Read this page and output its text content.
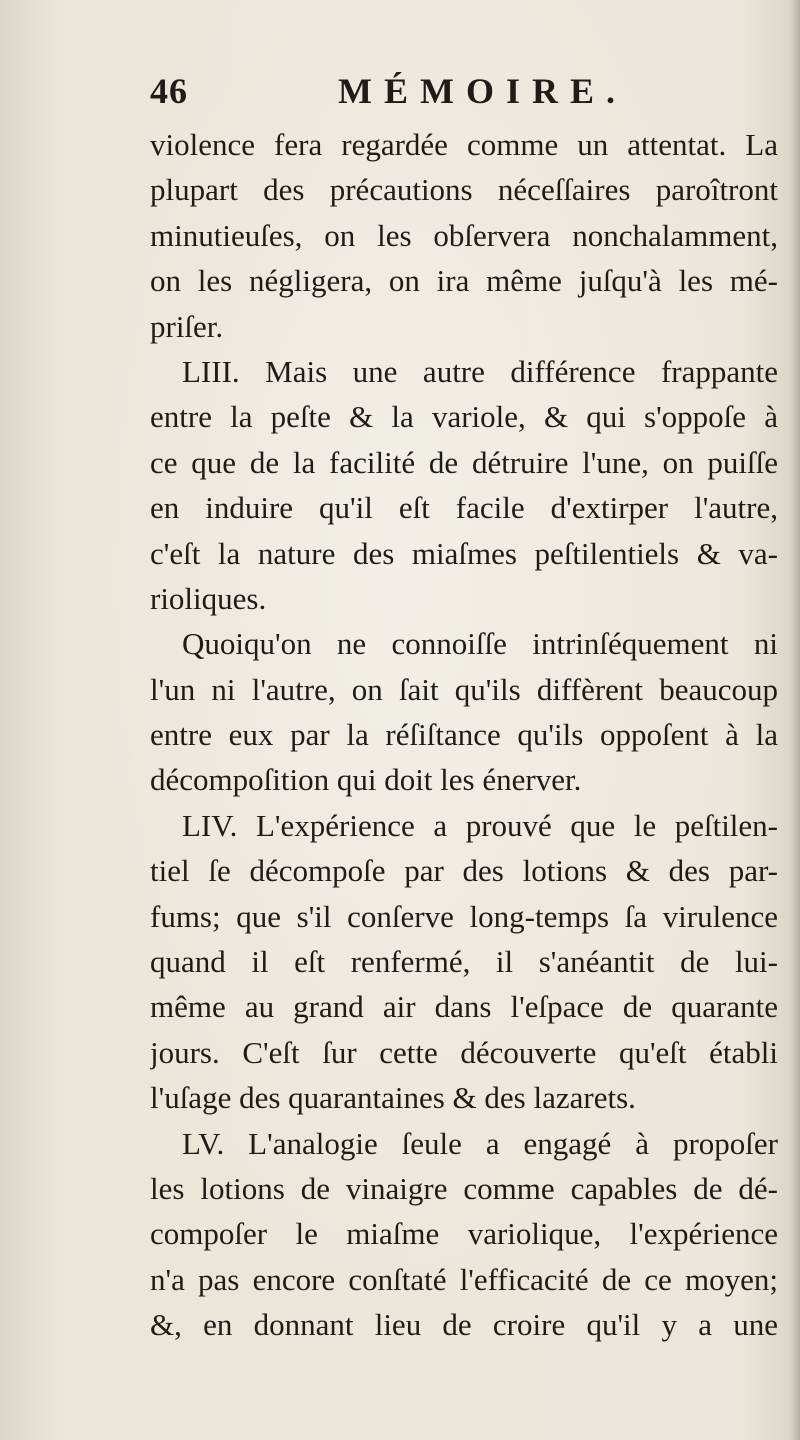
46	MÉMOIRE.
violence fera regardée comme un attentat. La
plupart des précautions néceſſaires paroîtront
minutieuſes, on les obſervera nonchalamment,
on les négligera, on ira même juſqu'à les mé-
priſer.
LIII. Mais une autre différence frappante
entre la peſte & la variole, & qui s'oppoſe à
ce que de la facilité de détruire l'une, on puiſſe
en induire qu'il eſt facile d'extirper l'autre,
c'eſt la nature des miaſmes peſtilentiels & va-
rioliques.
Quoiqu'on ne connoiſſe intrinſéquement ni
l'un ni l'autre, on ſait qu'ils diffèrent beaucoup
entre eux par la réſiſtance qu'ils oppoſent à la
décompoſition qui doit les énerver.
LIV. L'expérience a prouvé que le peſtilen-
tiel ſe décompoſe par des lotions & des par-
fums; que s'il conſerve long-temps ſa virulence
quand il eſt renfermé, il s'anéantit de lui-
même au grand air dans l'eſpace de quarante
jours. C'eſt ſur cette découverte qu'eſt établi
l'uſage des quarantaines & des lazarets.
LV. L'analogie ſeule a engagé à propoſer
les lotions de vinaigre comme capables de dé-
compoſer le miaſme variolique, l'expérience
n'a pas encore conſtaté l'efficacité de ce moyen;
&, en donnant lieu de croire qu'il y a une
